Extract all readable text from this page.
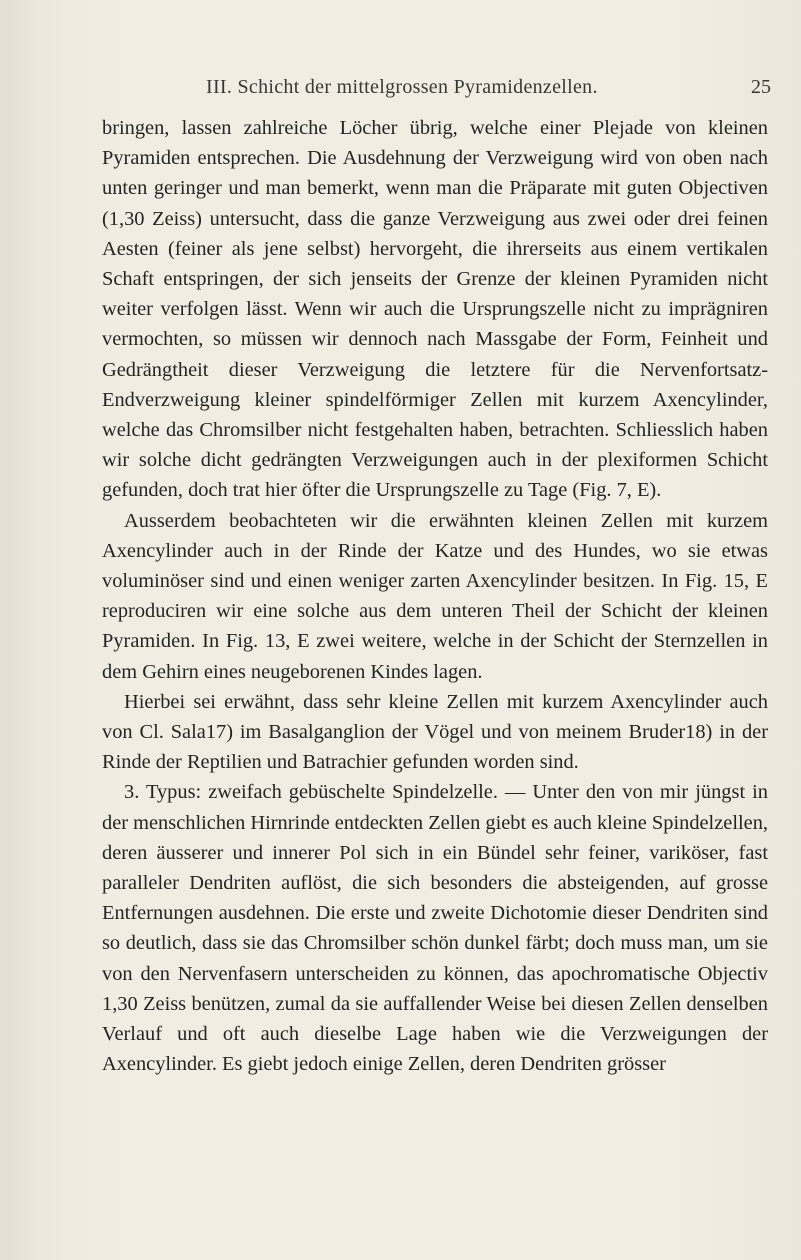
III. Schicht der mittelgrossen Pyramidenzellen.	25

bringen, lassen zahlreiche Löcher übrig, welche einer Plejade von kleinen Pyramiden entsprechen. Die Ausdehnung der Verzweigung wird von oben nach unten geringer und man bemerkt, wenn man die Präparate mit guten Objectiven (1,30 Zeiss) untersucht, dass die ganze Verzweigung aus zwei oder drei feinen Aesten (feiner als jene selbst) hervorgeht, die ihrerseits aus einem vertikalen Schaft entspringen, der sich jenseits der Grenze der kleinen Pyramiden nicht weiter verfolgen lässt. Wenn wir auch die Ursprungszelle nicht zu imprägniren vermochten, so müssen wir dennoch nach Massgabe der Form, Feinheit und Gedrängtheit dieser Verzweigung die letztere für die Nervenfortsatz-Endverzweigung kleiner spindelförmiger Zellen mit kurzem Axencylinder, welche das Chromsilber nicht festgehalten haben, betrachten. Schliesslich haben wir solche dicht gedrängten Verzweigungen auch in der plexiformen Schicht gefunden, doch trat hier öfter die Ursprungszelle zu Tage (Fig. 7, E).

Ausserdem beobachteten wir die erwähnten kleinen Zellen mit kurzem Axencylinder auch in der Rinde der Katze und des Hundes, wo sie etwas voluminöser sind und einen weniger zarten Axencylinder besitzen. In Fig. 15, E reproduciren wir eine solche aus dem unteren Theil der Schicht der kleinen Pyramiden. In Fig. 13, E zwei weitere, welche in der Schicht der Sternzellen in dem Gehirn eines neugeborenen Kindes lagen.

Hierbei sei erwähnt, dass sehr kleine Zellen mit kurzem Axencylinder auch von Cl. Sala17) im Basalganglion der Vögel und von meinem Bruder18) in der Rinde der Reptilien und Batrachier gefunden worden sind.

3. Typus: zweifach gebüschelte Spindelzelle. — Unter den von mir jüngst in der menschlichen Hirnrinde entdeckten Zellen giebt es auch kleine Spindelzellen, deren äusserer und innerer Pol sich in ein Bündel sehr feiner, variköser, fast paralleler Dendriten auflöst, die sich besonders die absteigenden, auf grosse Entfernungen ausdehnen. Die erste und zweite Dichotomie dieser Dendriten sind so deutlich, dass sie das Chromsilber schön dunkel färbt; doch muss man, um sie von den Nervenfasern unterscheiden zu können, das apochromatische Objectiv 1,30 Zeiss benützen, zumal da sie auffallender Weise bei diesen Zellen denselben Verlauf und oft auch dieselbe Lage haben wie die Verzweigungen der Axencylinder. Es giebt jedoch einige Zellen, deren Dendriten grösser
